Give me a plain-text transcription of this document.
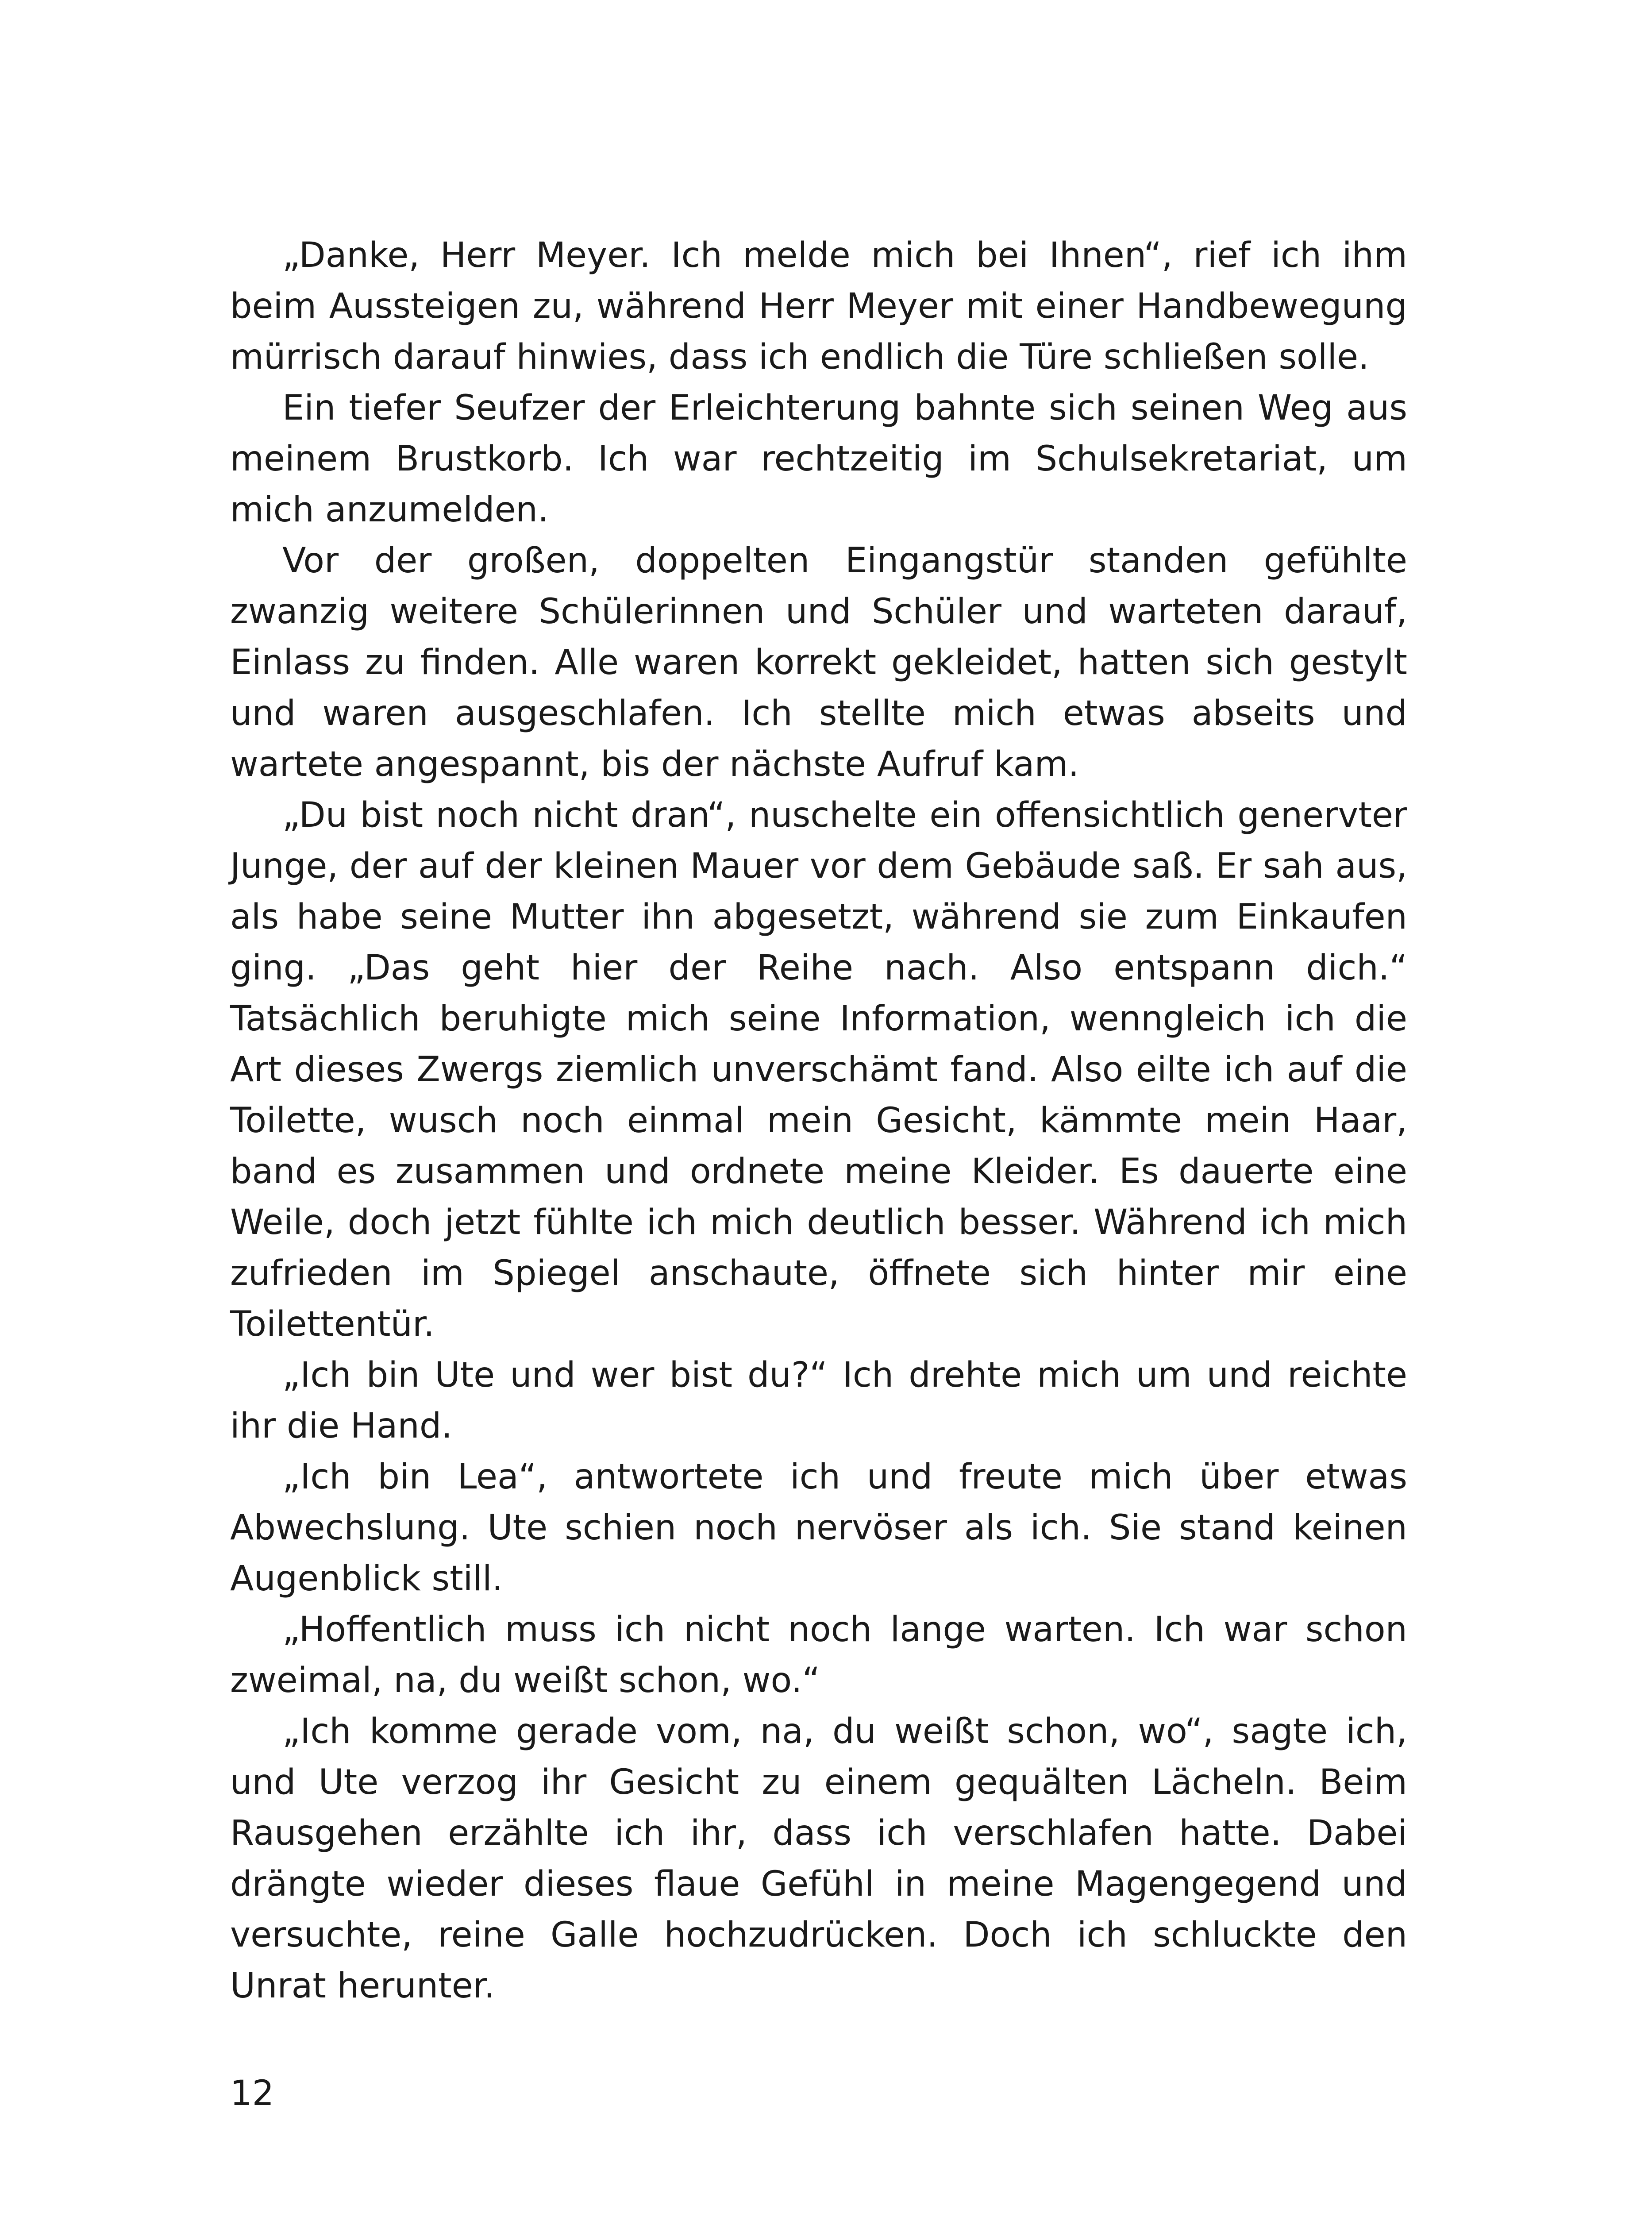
„Danke, Herr Meyer. Ich melde mich bei Ihnen“, rief ich ihm beim Aussteigen zu, während Herr Meyer mit einer Handbewegung mürrisch darauf hinwies, dass ich endlich die Türe schließen solle.

Ein tiefer Seufzer der Erleichterung bahnte sich seinen Weg aus meinem Brustkorb. Ich war rechtzeitig im Schulsekretariat, um mich anzumelden.

Vor der großen, doppelten Eingangstür standen gefühlte zwanzig weitere Schülerinnen und Schüler und warteten darauf, Einlass zu finden. Alle waren korrekt gekleidet, hatten sich gestylt und waren ausgeschlafen. Ich stellte mich etwas abseits und wartete angespannt, bis der nächste Aufruf kam.

„Du bist noch nicht dran“, nuschelte ein offensichtlich genervter Junge, der auf der kleinen Mauer vor dem Gebäude saß. Er sah aus, als habe seine Mutter ihn abgesetzt, während sie zum Einkaufen ging. „Das geht hier der Reihe nach. Also entspann dich.“ Tatsächlich beruhigte mich seine Information, wenngleich ich die Art dieses Zwergs ziemlich unverschämt fand. Also eilte ich auf die Toilette, wusch noch einmal mein Gesicht, kämmte mein Haar, band es zusammen und ordnete meine Kleider. Es dauerte eine Weile, doch jetzt fühlte ich mich deutlich besser. Während ich mich zufrieden im Spiegel anschaute, öffnete sich hinter mir eine Toilettentür.

„Ich bin Ute und wer bist du?“ Ich drehte mich um und reichte ihr die Hand.

„Ich bin Lea“, antwortete ich und freute mich über etwas Abwechslung. Ute schien noch nervöser als ich. Sie stand keinen Augenblick still.

„Hoffentlich muss ich nicht noch lange warten. Ich war schon zweimal, na, du weißt schon, wo.“

„Ich komme gerade vom, na, du weißt schon, wo“, sagte ich, und Ute verzog ihr Gesicht zu einem gequälten Lächeln. Beim Rausgehen erzählte ich ihr, dass ich verschlafen hatte. Dabei drängte wieder dieses flaue Gefühl in meine Magengegend und versuchte, reine Galle hochzudrücken. Doch ich schluckte den Unrat herunter.

12
